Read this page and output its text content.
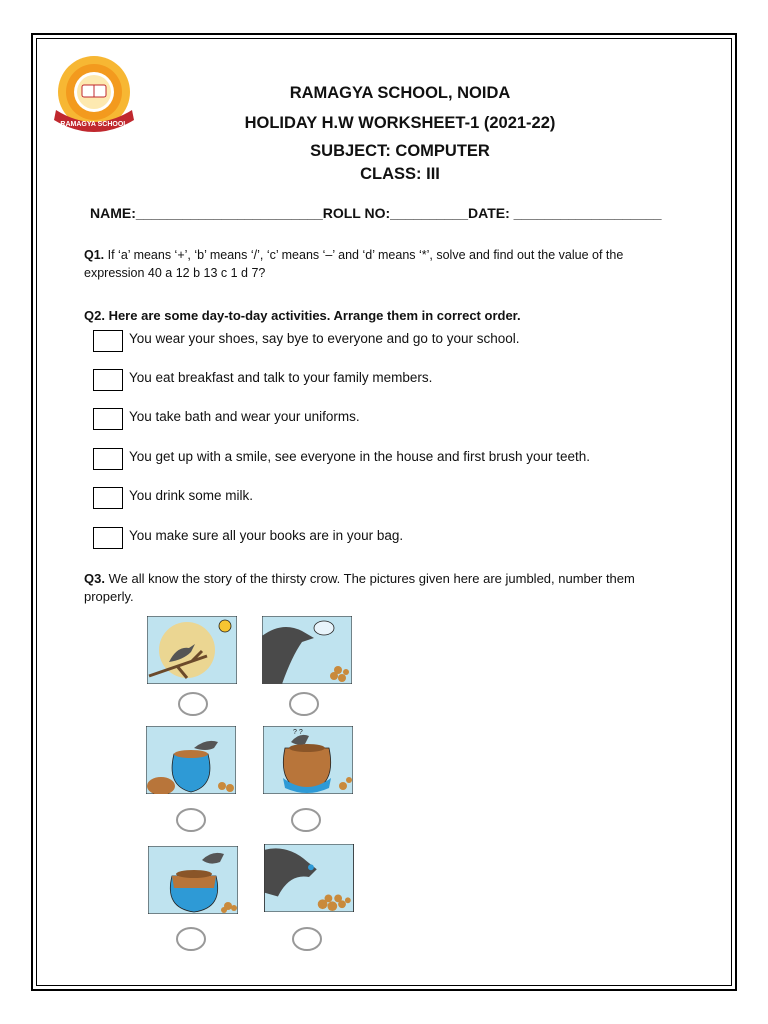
RAMAGYA SCHOOL
RAMAGYA SCHOOL, NOIDA
HOLIDAY H.W WORKSHEET-1 (2021-22)
SUBJECT: COMPUTER
CLASS: III
NAME:________________________ROLL NO:__________DATE: ___________________
Q1. If ‘a’ means ‘+’, ‘b’ means ‘/’, ‘c’ means ‘–’ and ‘d’ means ‘*’, solve and find out the value of the expression 40 a 12 b 13 c 1 d 7?
Q2. Here are some day-to-day activities. Arrange them in correct order.
You wear your shoes, say bye to everyone and go to your school.
You eat breakfast and talk to your family members.
You take bath and wear your uniforms.
You get up with a smile, see everyone in the house and first brush your teeth.
You drink some milk.
You make sure all your books are in your bag.
Q3. We all know the story of the thirsty crow. The pictures given here are jumbled, number them properly.
? ?
